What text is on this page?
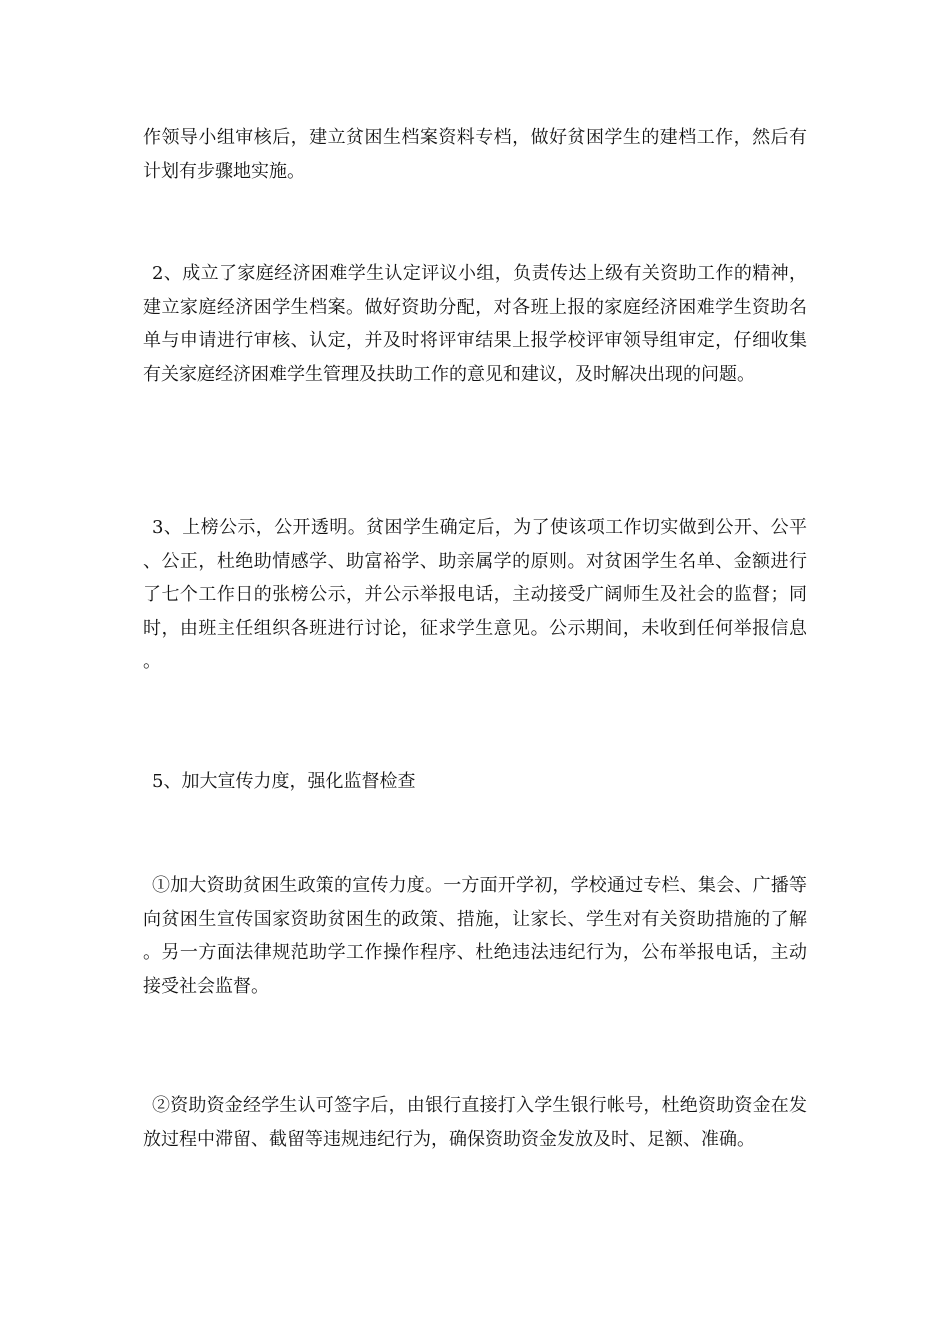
作领导小组审核后，建立贫困生档案资料专档，做好贫困学生的建档工作，然后有计划有步骤地实施。

2、成立了家庭经济困难学生认定评议小组，负责传达上级有关资助工作的精神，建立家庭经济困学生档案。做好资助分配，对各班上报的家庭经济困难学生资助名单与申请进行审核、认定，并及时将评审结果上报学校评审领导组审定，仔细收集有关家庭经济困难学生管理及扶助工作的意见和建议，及时解决出现的问题。

3、上榜公示，公开透明。贫困学生确定后，为了使该项工作切实做到公开、公平、公正，杜绝助情感学、助富裕学、助亲属学的原则。对贫困学生名单、金额进行了七个工作日的张榜公示，并公示举报电话，主动接受广阔师生及社会的监督；同时，由班主任组织各班进行讨论，征求学生意见。公示期间，未收到任何举报信息。

5、加大宣传力度，强化监督检查

①加大资助贫困生政策的宣传力度。一方面开学初，学校通过专栏、集会、广播等向贫困生宣传国家资助贫困生的政策、措施，让家长、学生对有关资助措施的了解。另一方面法律规范助学工作操作程序、杜绝违法违纪行为，公布举报电话，主动接受社会监督。

②资助资金经学生认可签字后，由银行直接打入学生银行帐号，杜绝资助资金在发放过程中滞留、截留等违规违纪行为，确保资助资金发放及时、足额、准确。
